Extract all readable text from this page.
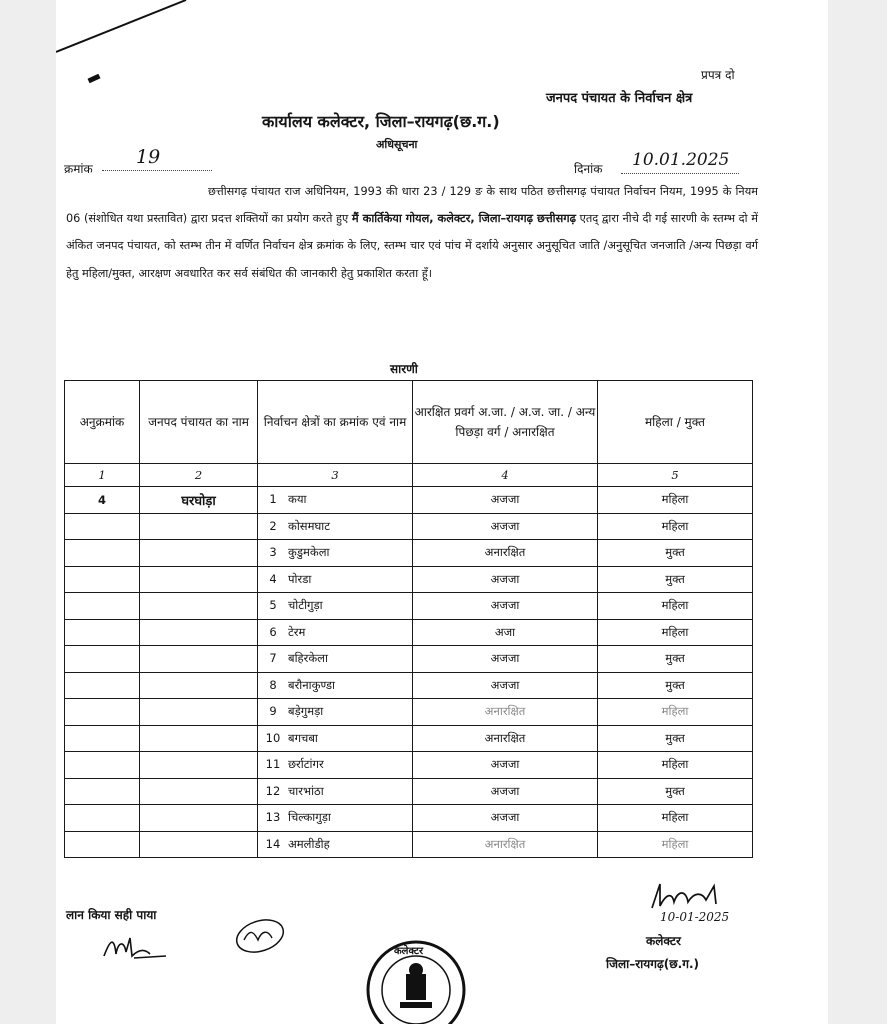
प्रपत्र दो
जनपद पंचायत के निर्वाचन क्षेत्र
कार्यालय कलेक्टर, जिला–रायगढ़(छ.ग.)
अधिसूचना
क्रमांक
19
दिनांक 10.01.2025
छत्तीसगढ़ पंचायत राज अधिनियम, 1993 की धारा 23 / 129 ङ के साथ पठित छत्तीसगढ़ पंचायत निर्वाचन नियम, 1995 के नियम 06 (संशोधित यथा प्रस्तावित) द्वारा प्रदत्त शक्तियों का प्रयोग करते हुए मैं कार्तिकेया गोयल, कलेक्टर, जिला–रायगढ़ छत्तीसगढ़ एतद् द्वारा नीचे दी गई सारणी के स्तम्भ दो में अंकित जनपद पंचायत, को स्तम्भ तीन में वर्णित निर्वाचन क्षेत्र क्रमांक के लिए, स्तम्भ चार एवं पांच में दर्शाये अनुसार अनुसूचित जाति /अनुसूचित जनजाति /अन्य पिछड़ा वर्ग हेतु महिला/मुक्त, आरक्षण अवधारित कर सर्व संबंधित की जानकारी हेतु प्रकाशित करता हूँ।
सारणी
अनुक्रमांक	जनपद पंचायत का नाम	निर्वाचन क्षेत्रों का क्रमांक एवं नाम	आरक्षित प्रवर्ग अ.जा. / अ.ज. जा. / अन्य पिछड़ा वर्ग / अनारक्षित	महिला / मुक्त
1	2	3	4	5
4	घरघोड़ा	1 कया	अजजा	महिला
		2 कोसमघाट	अजजा	महिला
		3 कुडुमकेला	अनारक्षित	मुक्त
		4 पोरडा	अजजा	मुक्त
		5 चोटीगुड़ा	अजजा	महिला
		6 टेरम	अजा	महिला
		7 बहिरकेला	अजजा	मुक्त
		8 बरौनाकुण्डा	अजजा	मुक्त
		9 बड़ेगुमड़ा	अनारक्षित	महिला
		10 बगचबा	अनारक्षित	मुक्त
		11 छर्राटांगर	अजजा	महिला
		12 चारभांठा	अजजा	मुक्त
		13 चिल्कागुड़ा	अजजा	महिला
		14 अमलीडीह	अनारक्षित	महिला
लान किया सही पाया	10-01-2025
कलेक्टर
जिला–रायगढ़(छ.ग.)
कलेक्टर
